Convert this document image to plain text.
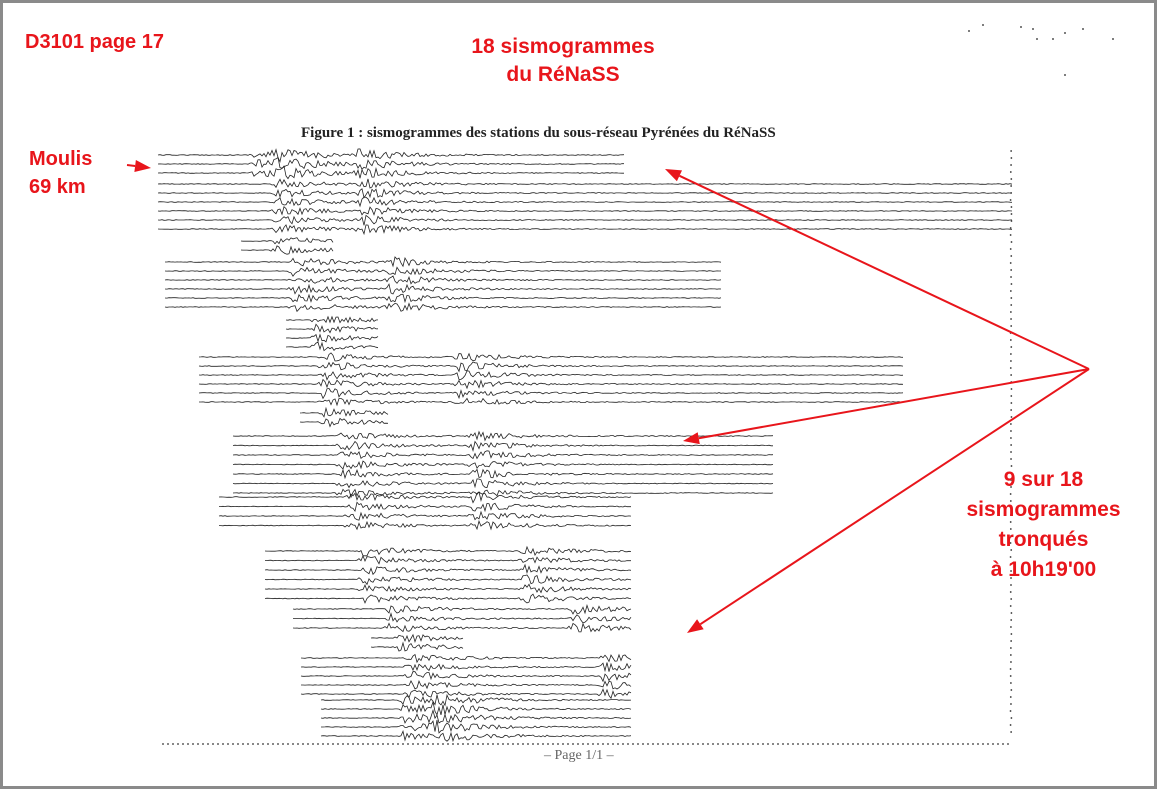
D3101 page 17	18 sismogrammes
du RéNaSS
Moulis
69 km
9 sur 18
sismogrammes
tronqués
à 10h19'00
Figure 1 : sismogrammes des stations du sous-réseau Pyrénées du RéNaSS
– Page 1/1 –
